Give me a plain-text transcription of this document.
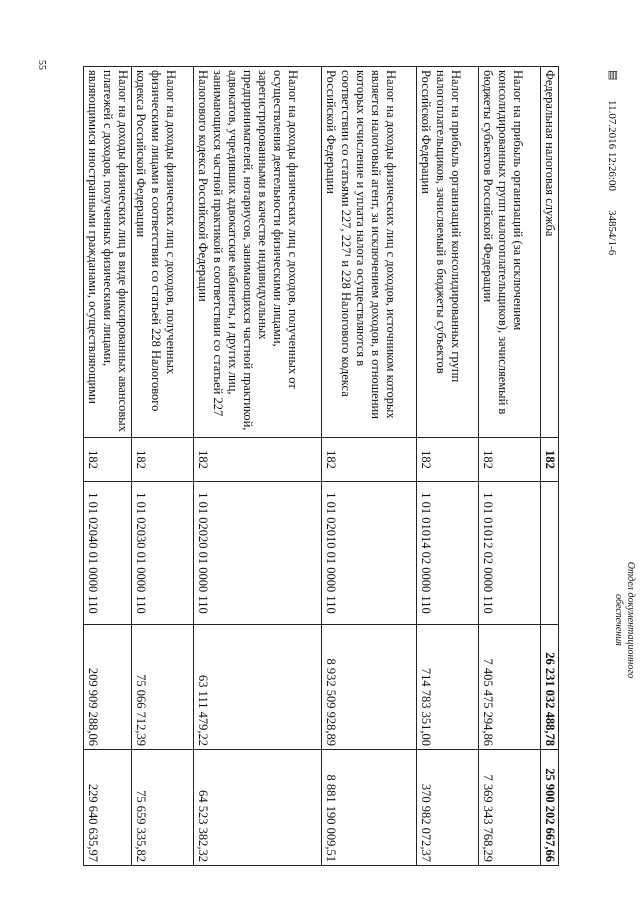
55
Федеральная налоговая служба	182		26 231 032 488,78	25 900 202 667,66
Налог на прибыль организаций (за исключением консолидированных групп налогоплательщиков), зачисляемый в бюджеты субъектов Российской Федерации	182	1 01 01012 02 0000 110	7 405 475 294,86	7 369 343 768,29
Налог на прибыль организаций консолидированных групп налогоплательщиков, зачисляемый в бюджеты субъектов Российской Федерации	182	1 01 01014 02 0000 110	714 783 351,00	370 982 072,37
Налог на доходы физических лиц с доходов, источником которых является налоговый агент, за исключением доходов, в отношении которых исчисление и уплата налога осуществляются в соответствии со статьями 227, 227¹ и 228 Налогового кодекса Российской Федерации	182	1 01 02010 01 0000 110	8 932 509 928,89	8 881 190 009,51
Налог на доходы физических лиц с доходов, полученных от осуществления деятельности физическими лицами, зарегистрированными в качестве индивидуальных предпринимателей, нотариусов, занимающихся частной практикой, адвокатов, учредивших адвокатские кабинеты, и других лиц, занимающихся частной практикой в соответствии со статьей 227 Налогового кодекса Российской Федерации	182	1 01 02020 01 0000 110	63 111 479,22	64 523 382,32
Налог на доходы физических лиц с доходов, полученных физическими лицами в соответствии со статьей 228 Налогового кодекса Российской Федерации	182	1 01 02030 01 0000 110	75 066 712,39	75 659 335,82
Налог на доходы физических лиц в виде фиксированных авансовых платежей с доходов, полученных физическими лицами, являющимися иностранными гражданами, осуществляющими	182	1 01 02040 01 0000 110	209 909 288,06	229 640 635,97
▤
11.07.2016 12:26:00
34854/1-6
Отдел документационного обеспечения
